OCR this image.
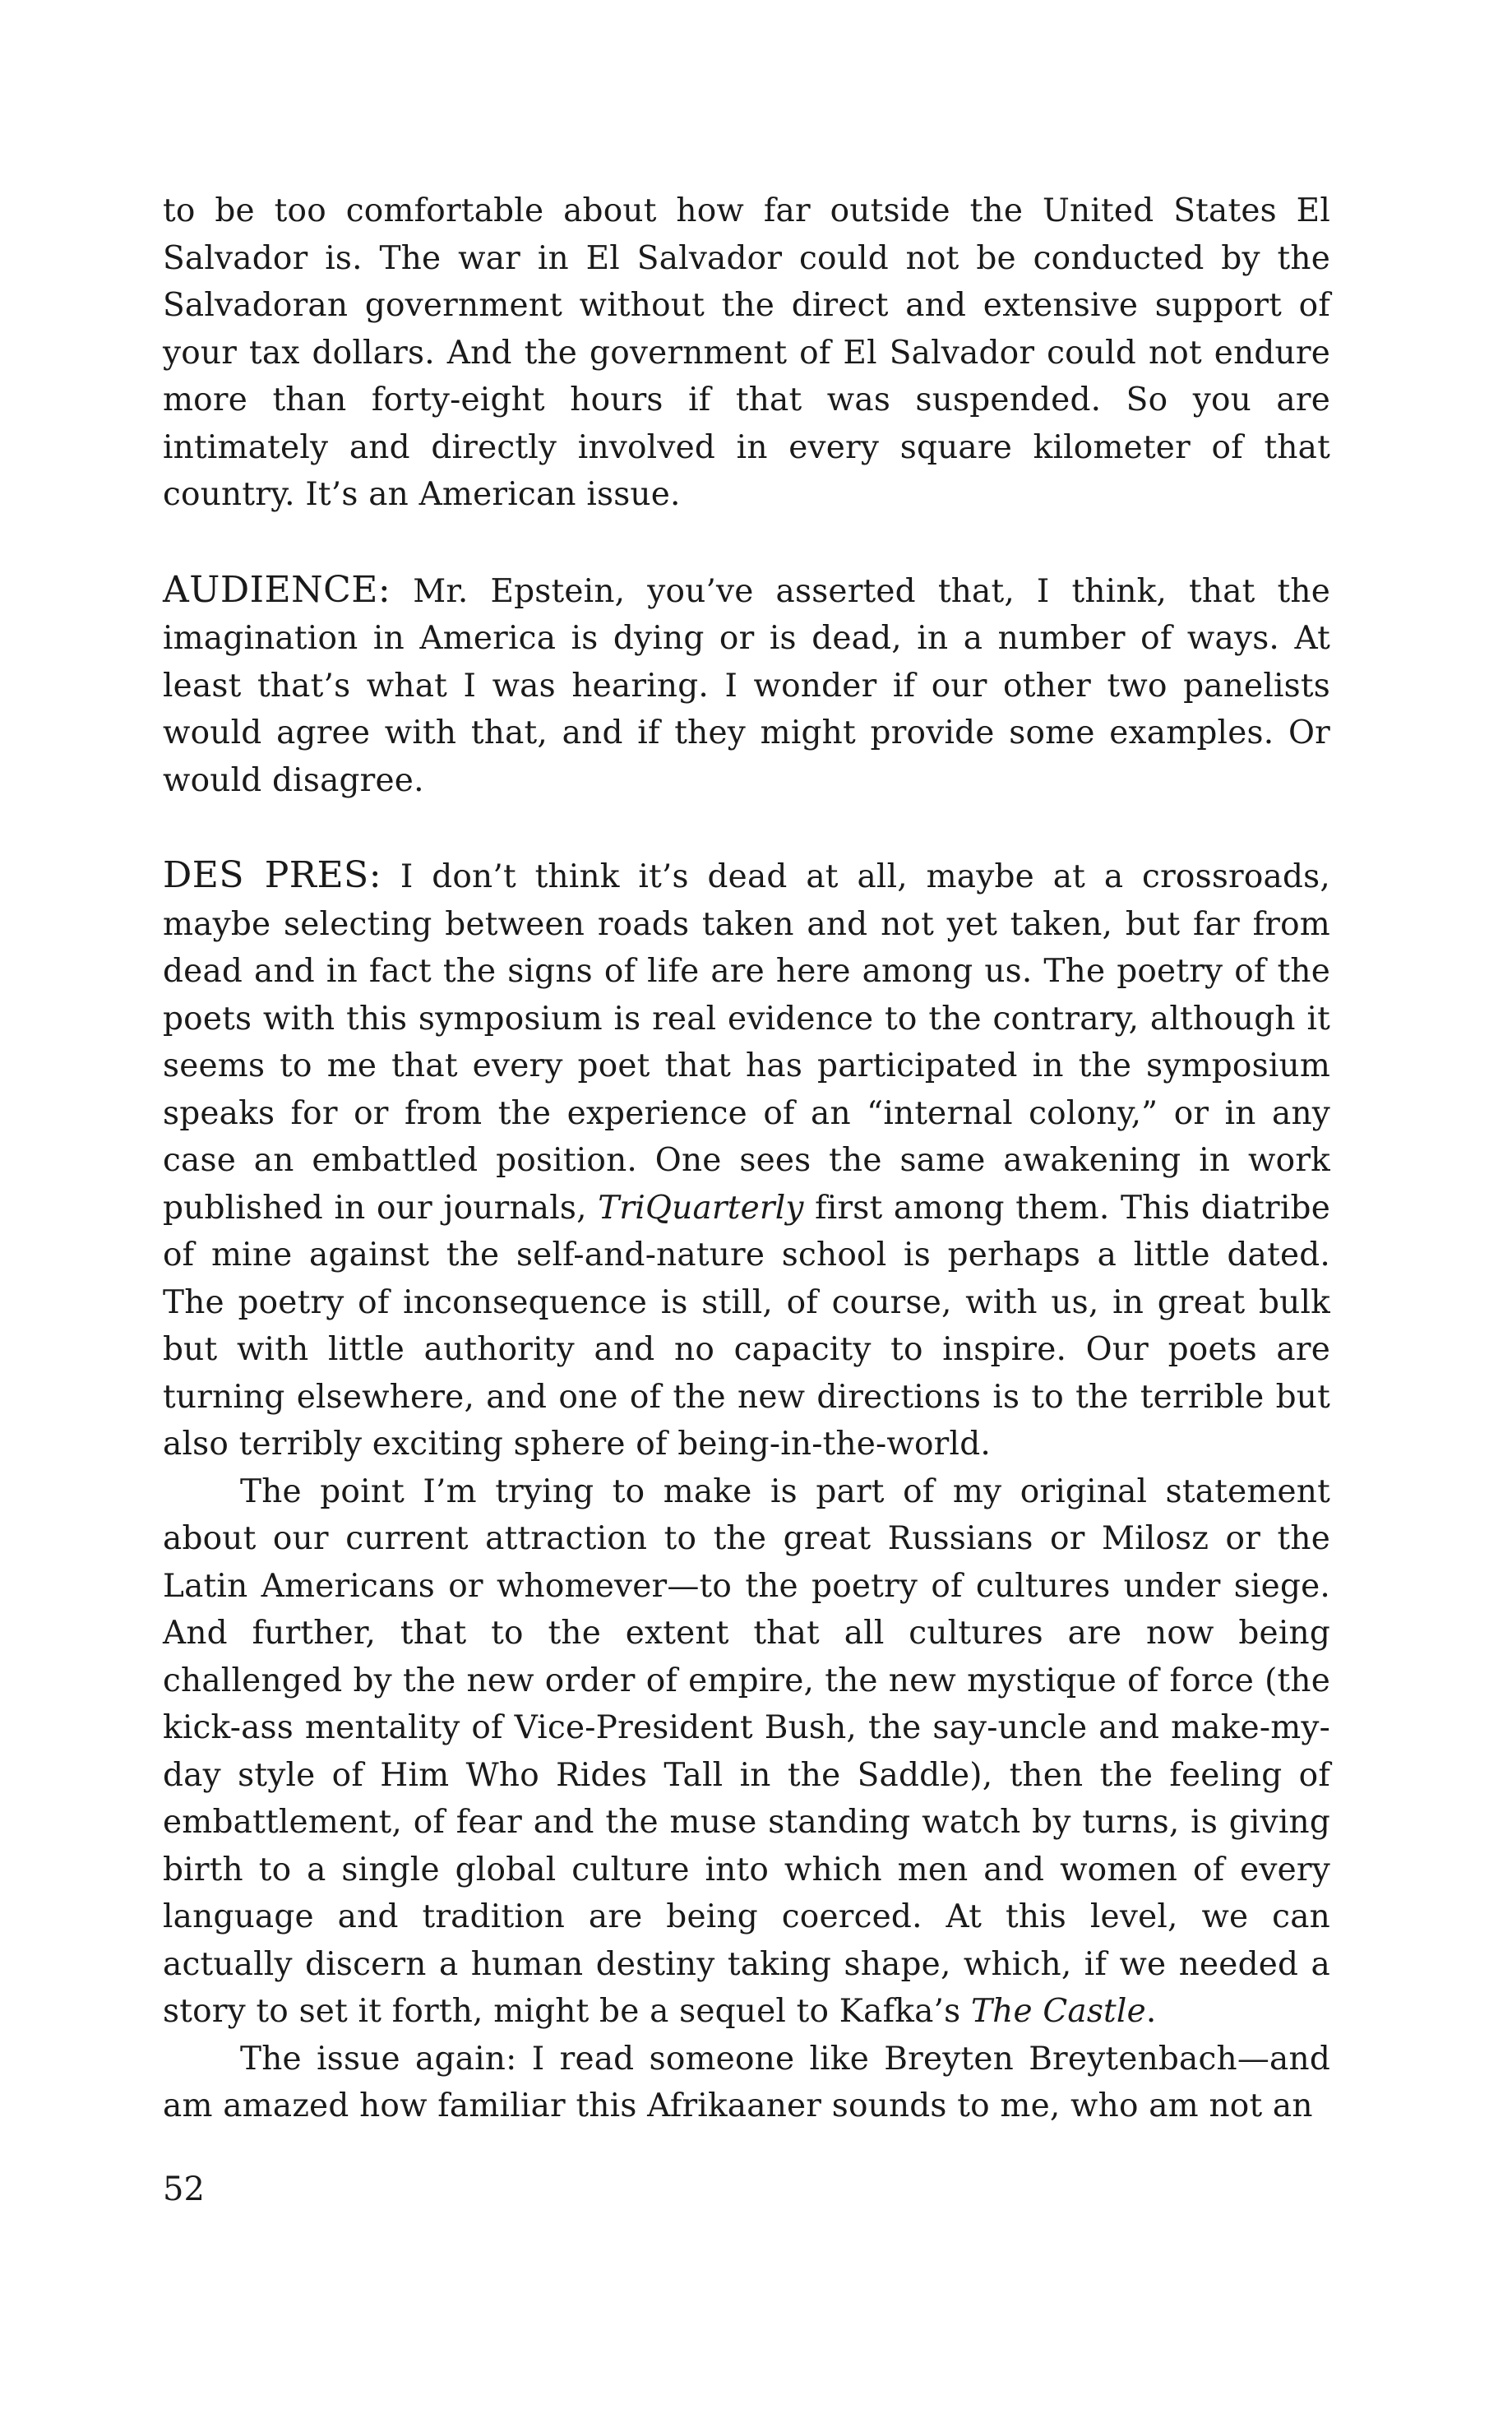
to be too comfortable about how far outside the United States El Salvador is. The war in El Salvador could not be conducted by the Salvadoran government without the direct and extensive support of your tax dollars. And the government of El Salvador could not endure more than forty-eight hours if that was suspended. So you are intimately and directly involved in every square kilometer of that country. It’s an American issue.

AUDIENCE: Mr. Epstein, you’ve asserted that, I think, that the imagination in America is dying or is dead, in a number of ways. At least that’s what I was hearing. I wonder if our other two panelists would agree with that, and if they might provide some examples. Or would disagree.

DES PRES: I don’t think it’s dead at all, maybe at a crossroads, maybe selecting between roads taken and not yet taken, but far from dead and in fact the signs of life are here among us. The poetry of the poets with this symposium is real evidence to the contrary, although it seems to me that every poet that has participated in the symposium speaks for or from the experience of an “internal colony,” or in any case an embattled position. One sees the same awakening in work published in our journals, TriQuarterly first among them. This diatribe of mine against the self-and-nature school is perhaps a little dated. The poetry of inconsequence is still, of course, with us, in great bulk but with little authority and no capacity to inspire. Our poets are turning elsewhere, and one of the new directions is to the terrible but also terribly exciting sphere of being-in-the-world.

The point I’m trying to make is part of my original statement about our current attraction to the great Russians or Milosz or the Latin Americans or whomever—to the poetry of cultures under siege. And further, that to the extent that all cultures are now being challenged by the new order of empire, the new mystique of force (the kick-ass mentality of Vice-President Bush, the say-uncle and make-my-day style of Him Who Rides Tall in the Saddle), then the feeling of embattlement, of fear and the muse standing watch by turns, is giving birth to a single global culture into which men and women of every language and tradition are being coerced. At this level, we can actually discern a human destiny taking shape, which, if we needed a story to set it forth, might be a sequel to Kafka’s The Castle.

The issue again: I read someone like Breyten Breytenbach—and am amazed how familiar this Afrikaaner sounds to me, who am not an

52
